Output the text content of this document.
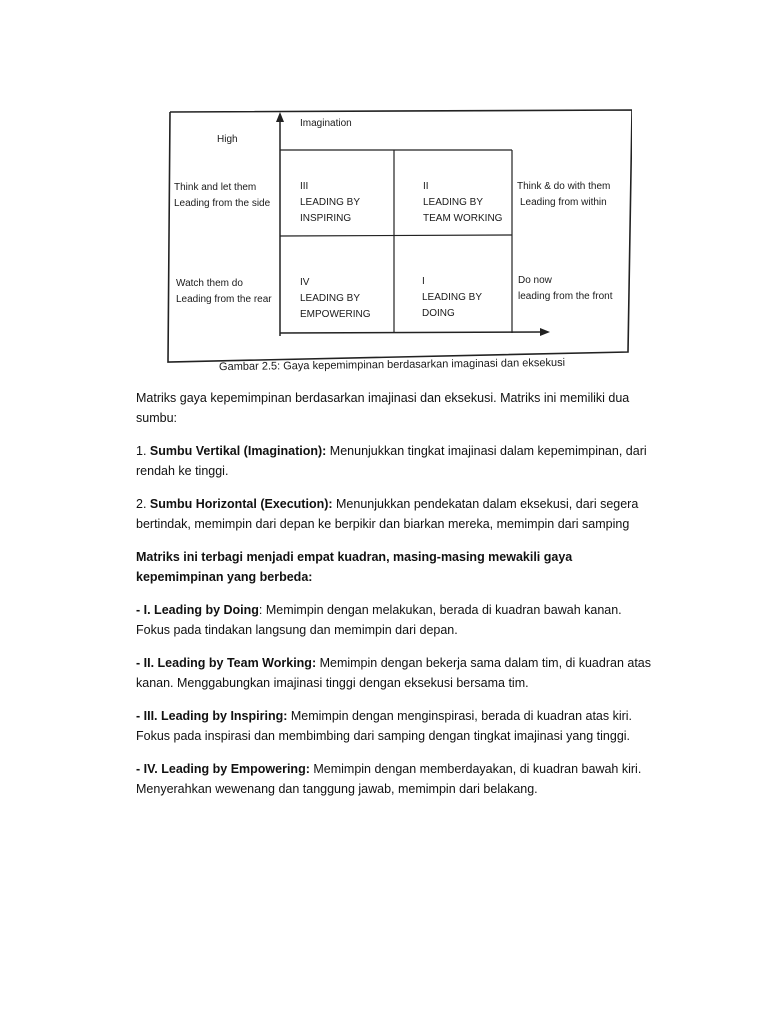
Imagination
High
Think and let them
Leading from the side
Watch them do
Leading from the rear
Think & do with them
Leading from within
Do now
leading from the front
III
LEADING BY
INSPIRING
II
LEADING BY
TEAM WORKING
IV
LEADING BY
EMPOWERING
I
LEADING BY
DOING
Gambar 2.5: Gaya kepemimpinan berdasarkan imaginasi dan eksekusi

Matriks gaya kepemimpinan berdasarkan imajinasi dan eksekusi. Matriks ini memiliki dua sumbu:

1. Sumbu Vertikal (Imagination): Menunjukkan tingkat imajinasi dalam kepemimpinan, dari rendah ke tinggi.

2. Sumbu Horizontal (Execution): Menunjukkan pendekatan dalam eksekusi, dari segera bertindak, memimpin dari depan ke berpikir dan biarkan mereka, memimpin dari samping

Matriks ini terbagi menjadi empat kuadran, masing-masing mewakili gaya kepemimpinan yang berbeda:

- I. Leading by Doing: Memimpin dengan melakukan, berada di kuadran bawah kanan. Fokus pada tindakan langsung dan memimpin dari depan.

- II. Leading by Team Working: Memimpin dengan bekerja sama dalam tim, di kuadran atas kanan. Menggabungkan imajinasi tinggi dengan eksekusi bersama tim.

- III. Leading by Inspiring: Memimpin dengan menginspirasi, berada di kuadran atas kiri. Fokus pada inspirasi dan membimbing dari samping dengan tingkat imajinasi yang tinggi.

- IV. Leading by Empowering: Memimpin dengan memberdayakan, di kuadran bawah kiri. Menyerahkan wewenang dan tanggung jawab, memimpin dari belakang.
